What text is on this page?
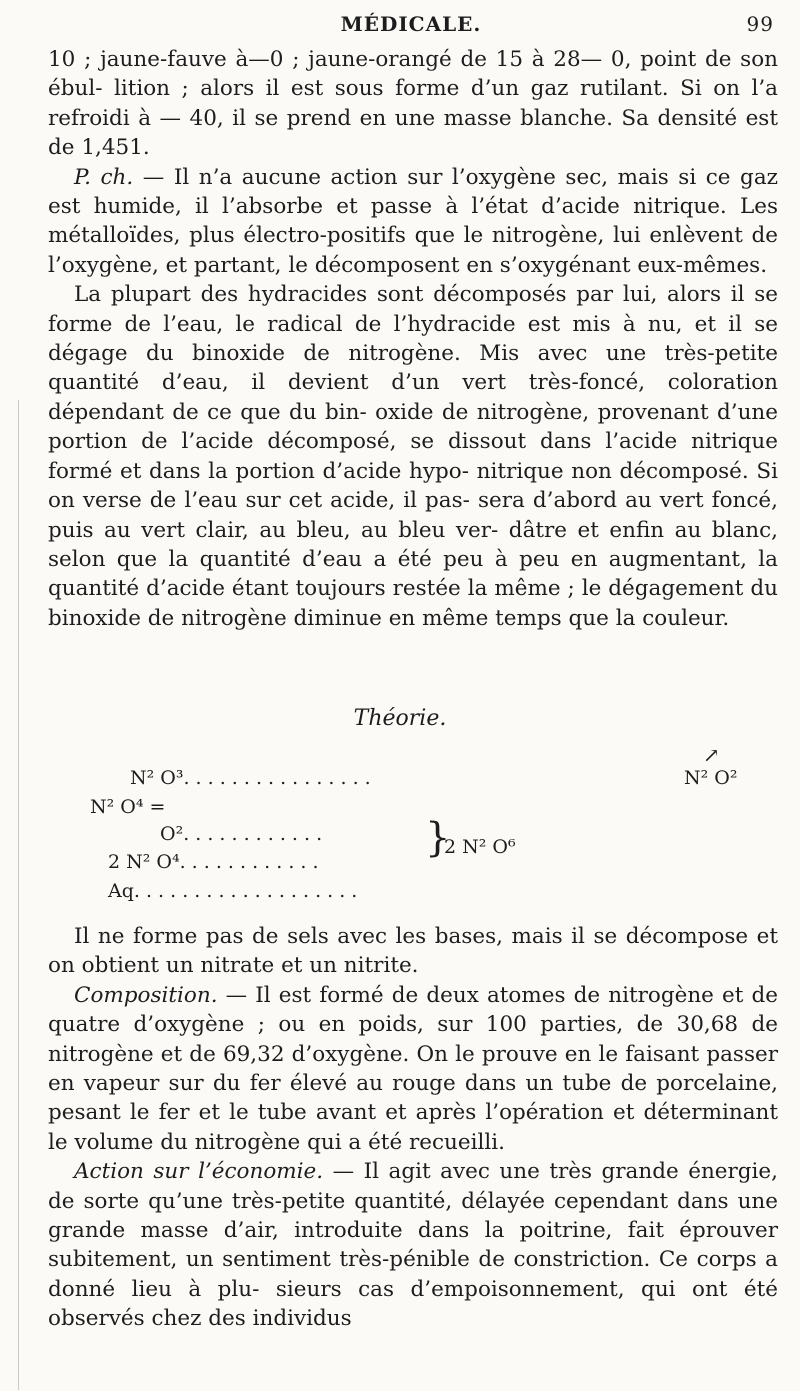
MÉDICALE.	99

10 ; jaune-fauve à—0 ; jaune-orangé de 15 à 28— 0, point de son ébul- lition ; alors il est sous forme d’un gaz rutilant. Si on l’a refroidi à — 40, il se prend en une masse blanche. Sa densité est de 1,451.

P. ch. — Il n’a aucune action sur l’oxygène sec, mais si ce gaz est humide, il l’absorbe et passe à l’état d’acide nitrique. Les métalloïdes, plus électro-positifs que le nitrogène, lui enlèvent de l’oxygène, et partant, le décomposent en s’oxygénant eux-mêmes.

La plupart des hydracides sont décomposés par lui, alors il se forme de l’eau, le radical de l’hydracide est mis à nu, et il se dégage du binoxide de nitrogène. Mis avec une très-petite quantité d’eau, il devient d’un vert très-foncé, coloration dépendant de ce que du bin- oxide de nitrogène, provenant d’une portion de l’acide décomposé, se dissout dans l’acide nitrique formé et dans la portion d’acide hypo- nitrique non décomposé. Si on verse de l’eau sur cet acide, il pas- sera d’abord au vert foncé, puis au vert clair, au bleu, au bleu ver- dâtre et enfin au blanc, selon que la quantité d’eau a été peu à peu en augmentant, la quantité d’acide étant toujours restée la même ; le dégagement du binoxide de nitrogène diminue en même temps que la couleur.

Théorie.
↗
N² O³. . . . . . . . . . . . . . . .	N² O²
N² O⁴ =
O². . . . . . . . . . . .
2 N² O⁴. . . . . . . . . . . .
}
2 N² O⁶
Aq. . . . . . . . . . . . . . . . . . .

Il ne forme pas de sels avec les bases, mais il se décompose et on obtient un nitrate et un nitrite.

Composition. — Il est formé de deux atomes de nitrogène et de quatre d’oxygène ; ou en poids, sur 100 parties, de 30,68 de nitrogène et de 69,32 d’oxygène. On le prouve en le faisant passer en vapeur sur du fer élevé au rouge dans un tube de porcelaine, pesant le fer et le tube avant et après l’opération et déterminant le volume du nitrogène qui a été recueilli.

Action sur l’économie. — Il agit avec une très grande énergie, de sorte qu’une très-petite quantité, délayée cependant dans une grande masse d’air, introduite dans la poitrine, fait éprouver subitement, un sentiment très-pénible de constriction. Ce corps a donné lieu à plu- sieurs cas d’empoisonnement, qui ont été observés chez des individus
